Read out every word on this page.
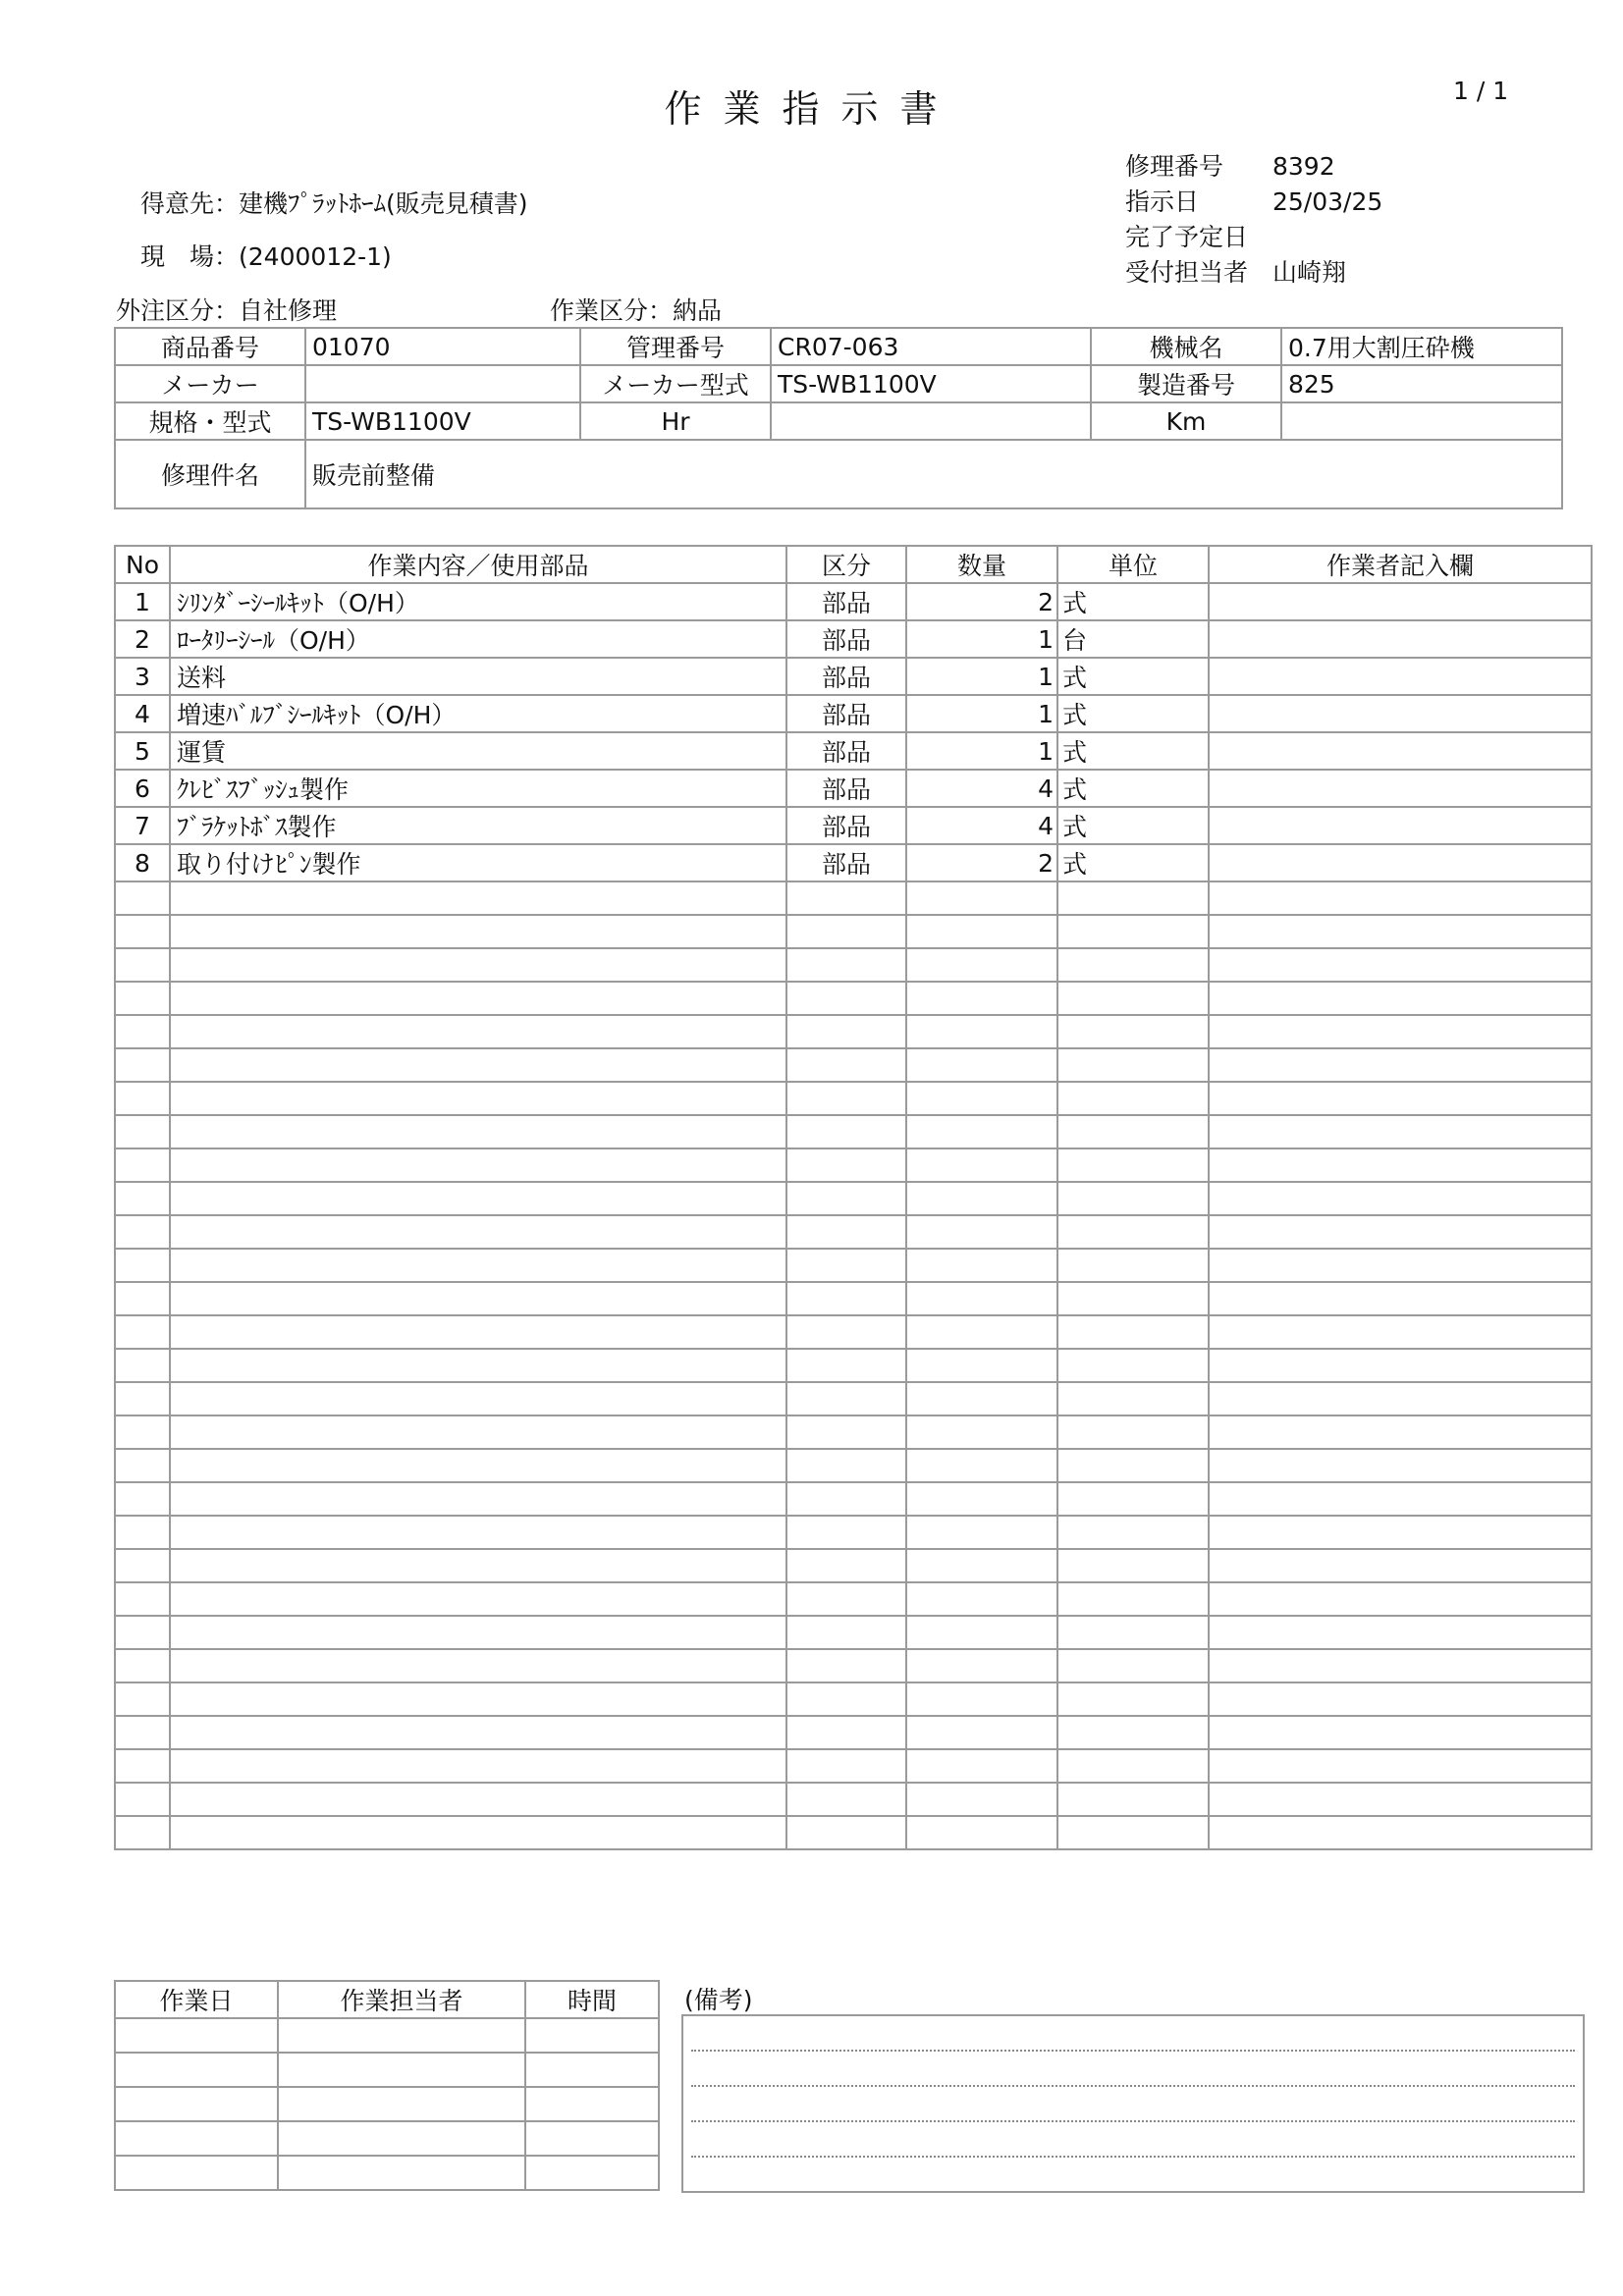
作業指示書	1 / 1
修理番号 8392
指示日	25/03/25
完了予定日
受付担当者 山崎翔
得意先：建機ﾌﾟﾗｯﾄﾎｰﾑ(販売見積書)
現　場：(2400012-1)
外注区分：自社修理	作業区分：納品
商品番号	01070	管理番号	CR07-063	機械名	0.7用大割圧砕機
メーカー		メーカー型式	TS-WB1100V	製造番号	825
規格・型式	TS-WB1100V	Hr		Km	
修理件名	販売前整備				
No	作業内容／使用部品	区分	数量	単位	作業者記入欄
1	ｼﾘﾝﾀﾞｰｼｰﾙｷｯﾄ（O/H）	部品	2	式	
2	ﾛｰﾀﾘｰｼｰﾙ（O/H）	部品	1	台	
3	送料	部品	1	式	
4	増速ﾊﾞﾙﾌﾞｼｰﾙｷｯﾄ（O/H）	部品	1	式	
5	運賃	部品	1	式	
6	ｸﾚﾋﾞｽﾌﾞｯｼｭ製作	部品	4	式	
7	ﾌﾞﾗｹｯﾄﾎﾞｽ製作	部品	4	式	
8	取り付けﾋﾟﾝ製作	部品	2	式	

作業日	作業担当者	時間

			(備考)
